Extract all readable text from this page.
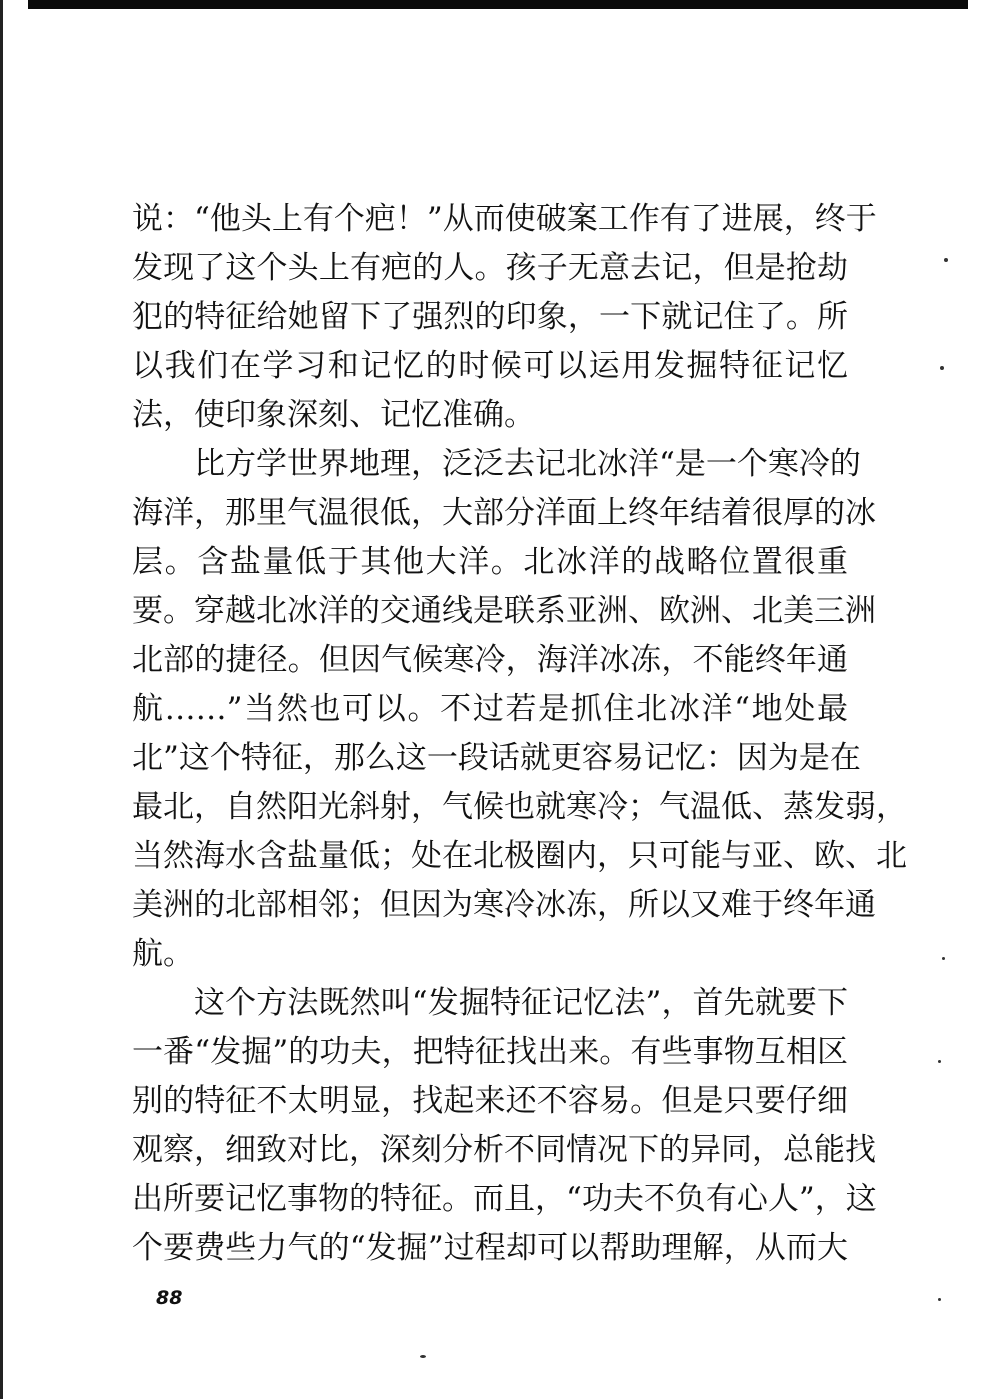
说：“他头上有个疤！”从而使破案工作有了进展，终于
发现了这个头上有疤的人。孩子无意去记，但是抢劫
犯的特征给她留下了强烈的印象，一下就记住了。所
以我们在学习和记忆的时候可以运用发掘特征记忆
法，使印象深刻、记忆准确。
比方学世界地理，泛泛去记北冰洋“是一个寒冷的
海洋，那里气温很低，大部分洋面上终年结着很厚的冰
层。含盐量低于其他大洋。北冰洋的战略位置很重
要。穿越北冰洋的交通线是联系亚洲、欧洲、北美三洲
北部的捷径。但因气候寒冷，海洋冰冻，不能终年通
航……”当然也可以。不过若是抓住北冰洋“地处最
北”这个特征，那么这一段话就更容易记忆：因为是在
最北，自然阳光斜射，气候也就寒冷；气温低、蒸发弱，
当然海水含盐量低；处在北极圈内，只可能与亚、欧、北
美洲的北部相邻；但因为寒冷冰冻，所以又难于终年通
航。
这个方法既然叫“发掘特征记忆法”，首先就要下
一番“发掘”的功夫，把特征找出来。有些事物互相区
别的特征不太明显，找起来还不容易。但是只要仔细
观察，细致对比，深刻分析不同情况下的异同，总能找
出所要记忆事物的特征。而且，“功夫不负有心人”，这
个要费些力气的“发掘”过程却可以帮助理解，从而大
88
